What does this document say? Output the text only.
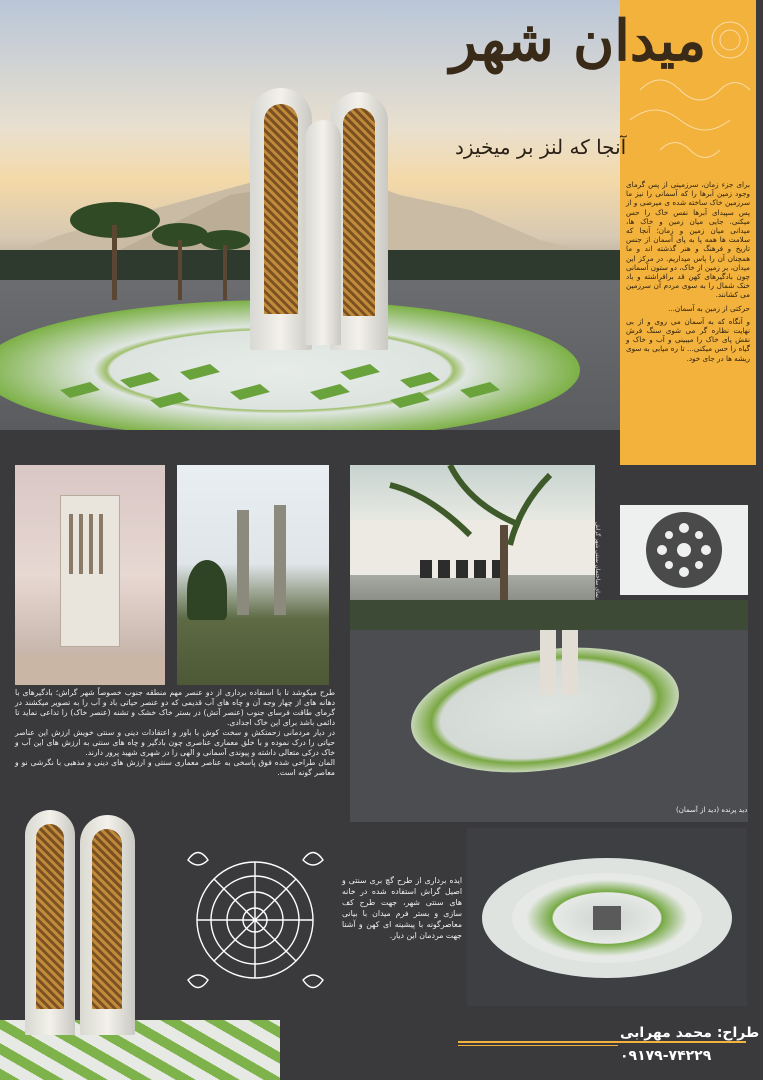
میدان شهر
آنجا که لنز بر میخیزد

برای جزء زمان، سرزمینی از پس گرمای وجود زمین آبرها را که آسمانی را نیز ما سرزمین خاک ساخته شده ی میرضی و از پس سپیدای آبرها نفس خاک را حس میکنی. جایی میان زمین و خاک ها، میدانی میان زمین و زمان؛ آنجا که سلامت ها همه پا به پای آسمان از جنس تاریخ و فرهنگ و هنر گذشته اند و ما همچنان آن را پاس میداریم. در مرکز این میدان، بر زمین از خاک، دو ستون آسمانی چون بادگیرهای کهن قد برافراشته و باد خنک شمال را به سوی مردم آن سرزمین می کشانند.

حرکتی از زمین به آسمان...

و آنگاه که به آسمان می روی و از بی نهایت نظاره گر می شوی سنگ فرش نقش پای خاک را میبینی و آب و خاک و گیاه را حس میکنی... تا ره میابی به سوی ریشه ها در جای خود.

نمای ساختمان سنتی شهر گراش
دید پرنده (دید از آسمان)

طرح میکوشد تا با استفاده برداری از دو عنصر مهم منطقه جنوب خصوصاً شهر گراش؛ بادگیرهای با دهانه های از چهار وجه آن و چاه های آب قدیمی که دو عنصر حیاتی باد و آب را به تصویر میکشند در گرمای طاقت فرسای جنوب (عنصر آتش) در بستر خاک خشک و تشنه (عنصر خاک) را تداعی نماید تا دائمی باشد برای این خاک اجدادی.

در دیار مردمانی زحمتکش و سخت کوش با باور و اعتقادات دینی و سنتی خویش ارزش این عناصر حیاتی را درک نموده و با خلق معماری عناصری چون بادگیر و چاه های سنتی به ارزش های این آب و خاک درکی متعالی داشته و پیوندی آسمانی و الهی را در شهری شهید پرور دارند.

المان طراحی شده فوق پاسخی به عناصر معماری سنتی و ارزش های دینی و مذهبی با نگرشی نو و معاصر گونه است.

ایده برداری از طرح گچ بری سنتی و اصیل گراش استفاده شده در خانه های سنتی شهر، جهت طرح کف سازی و بستر فرم میدان با بیانی معاصرگونه با پیشینه ای کهن و آشنا جهت مردمان این دیار.
طراح: محمد مهرابی
۰۹۱۷۹-۷۴۲۲۹
